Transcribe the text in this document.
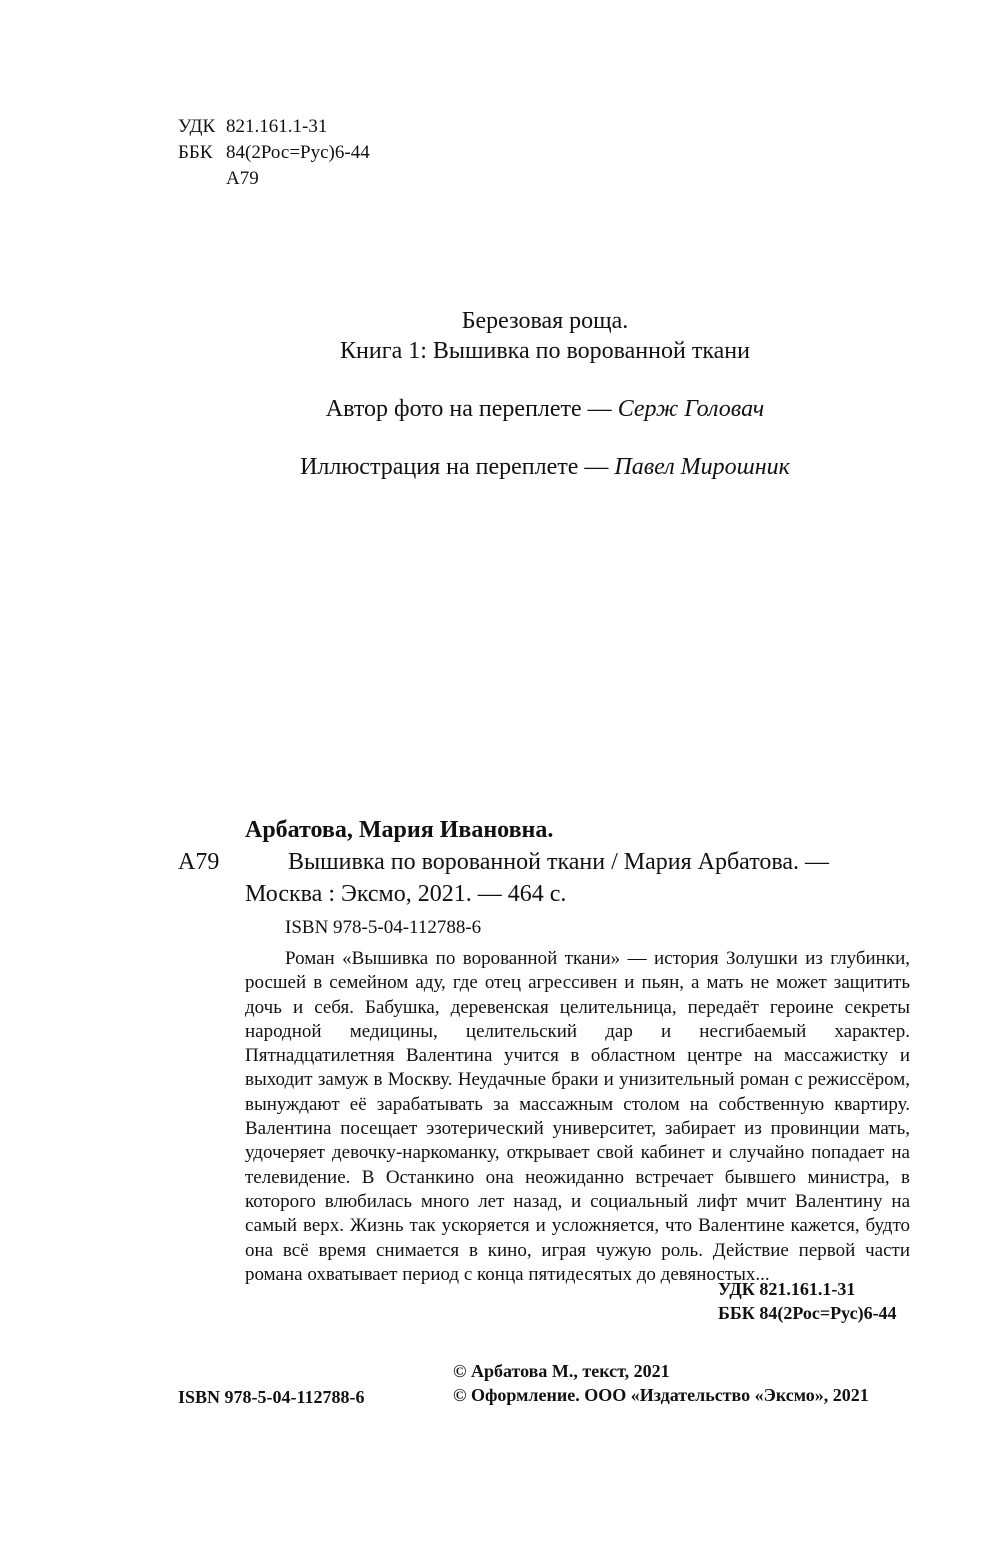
УДК 821.161.1-31
ББК 84(2Рос=Рус)6-44
А79
Березовая роща.
Книга 1: Вышивка по ворованной ткани
Автор фото на переплете — Серж Головач
Иллюстрация на переплете — Павел Мирошник
Арбатова, Мария Ивановна.
А79	Вышивка по ворованной ткани / Мария Арбатова. —
Москва : Эксмо, 2021. — 464 с.
ISBN 978-5-04-112788-6
Роман «Вышивка по ворованной ткани» — история Золушки из глубинки, росшей в семейном аду, где отец агрессивен и пьян, а мать не может защитить дочь и себя. Бабушка, деревенская целительница, передаёт героине секреты народной медицины, целительский дар и несгибаемый характер. Пятнадцатилетняя Валентина учится в областном центре на массажистку и выходит замуж в Москву. Неудачные браки и унизительный роман с режиссёром, вынуждают её зарабатывать за массажным столом на собственную квартиру. Валентина посещает эзотерический университет, забирает из провинции мать, удочеряет девочку-наркоманку, открывает свой кабинет и случайно попадает на телевидение. В Останкино она неожиданно встречает бывшего министра, в которого влюбилась много лет назад, и социальный лифт мчит Валентину на самый верх. Жизнь так ускоряется и усложняется, что Валентине кажется, будто она всё время снимается в кино, играя чужую роль. Действие первой части романа охватывает период с конца пятидесятых до девяностых...
УДК 821.161.1-31
ББК 84(2Рос=Рус)6-44
© Арбатова М., текст, 2021
© Оформление. ООО «Издательство «Эксмо», 2021
ISBN 978-5-04-112788-6
